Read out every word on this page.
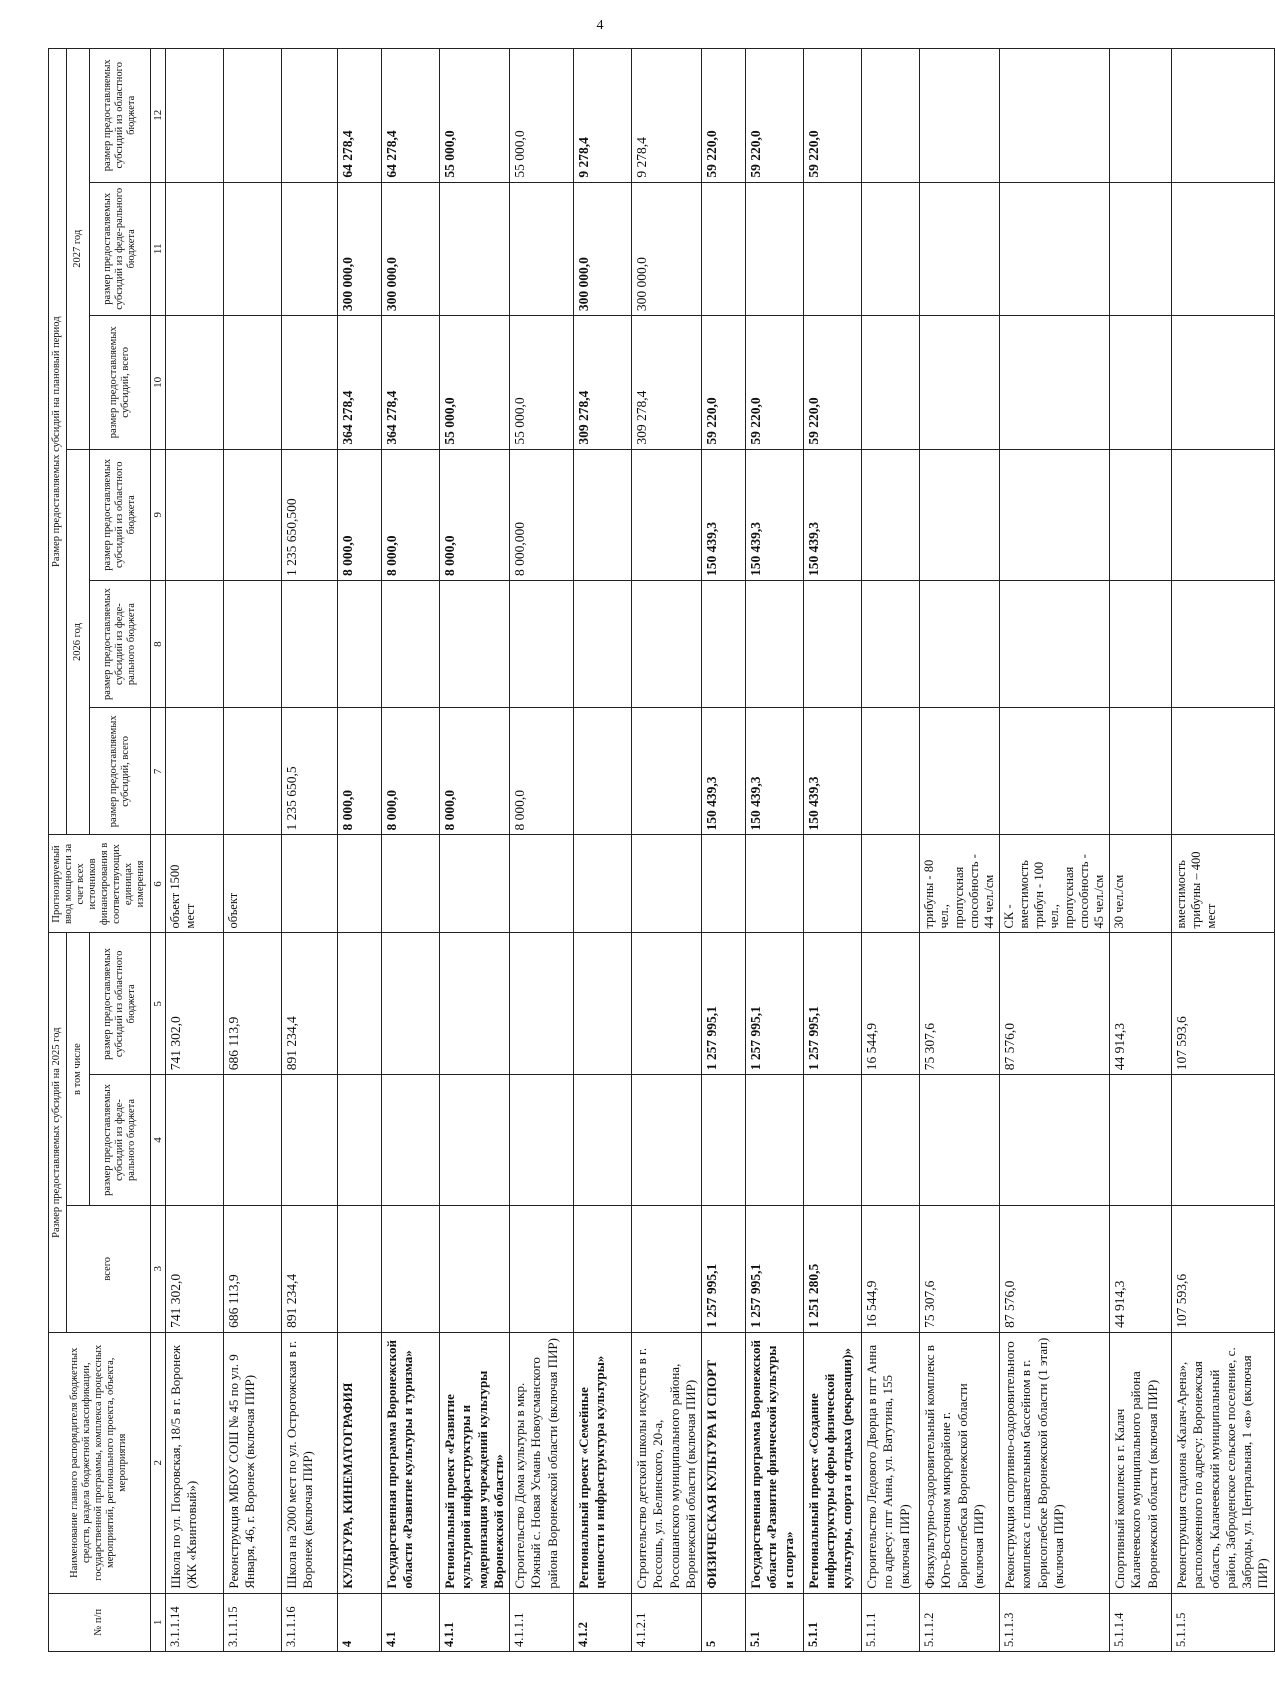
4
№ п/п	Наименование главного распорядителя бюджетных средств, раздела бюджетной классификации, государственной программы, комплекса процессных мероприятий, регионального проекта, объекта, мероприятия	Размер предоставляемых субсидий на 2025 год			Прогнозируемый ввод мощности за счет всех источников финансирования в соответствующих единицах измерения	Размер предоставляемых субсидий на плановый период					
		всего	в том числе			2026 год			2027 год		
			размер предоставляемых субсидий из феде-рального бюджета	размер предоставляемых субсидий из областного бюджета		размер предоставляемых субсидий, всего	размер предоставляемых субсидий из феде-рального бюджета	размер предоставляемых субсидий из областного бюджета	размер предоставляемых субсидий, всего	размер предоставляемых субсидий из феде-рального бюджета	размер предоставляемых субсидий из областного бюджета

1	2	3	4	5	6	7	8	9	10	11	12
3.1.1.14	Школа по ул. Покровская, 18/5 в г. Воронеж (ЖК «Квинтовый»)	741 302,0		741 302,0	объект 1500 мест						
3.1.1.15	Реконструкция МБОУ СОШ № 45 по ул. 9 Января, 46, г. Воронеж (включая ПИР)	686 113,9		686 113,9	объект						
3.1.1.16	Школа на 2000 мест по ул. Острогожская в г. Воронеж (включая ПИР)	891 234,4		891 234,4		1 235 650,5		1 235 650,500			
4	КУЛЬТУРА, КИНЕМАТОГРАФИЯ					8 000,0		8 000,0	364 278,4	300 000,0	64 278,4
4.1	Государственная программа Воронежской области «Развитие культуры и туризма»					8 000,0		8 000,0	364 278,4	300 000,0	64 278,4
4.1.1	Региональный проект «Развитие культурной инфраструктуры и модернизация учреждений культуры Воронежской области»					8 000,0		8 000,0	55 000,0		55 000,0
4.1.1.1	Строительство Дома культуры в мкр. Южный с. Новая Усмань Новоусманского района Воронежской области (включая ПИР)					8 000,0		8 000,000	55 000,0		55 000,0
4.1.2	Региональный проект «Семейные ценности и инфраструктура культуры»								309 278,4	300 000,0	9 278,4
4.1.2.1	Строительство детской школы искусств в г. Россошь, ул. Белинского, 20-а, Россошанского муниципального района, Воронежской области (включая ПИР)								309 278,4	300 000,0	9 278,4
5	ФИЗИЧЕСКАЯ КУЛЬТУРА И СПОРТ	1 257 995,1		1 257 995,1		150 439,3		150 439,3	59 220,0		59 220,0
5.1	Государственная программа Воронежской области «Развитие физической культуры и спорта»	1 257 995,1		1 257 995,1		150 439,3		150 439,3	59 220,0		59 220,0
5.1.1	Региональный проект «Создание инфраструктуры сферы физической культуры, спорта и отдыха (рекреации)»	1 251 280,5		1 257 995,1		150 439,3		150 439,3	59 220,0		59 220,0
5.1.1.1	Строительство Ледового Дворца в пгт Анна по адресу: пгт Анна, ул. Ватутина, 155 (включая ПИР)	16 544,9		16 544,9							
5.1.1.2	Физкультурно-оздоровительный комплекс в Юго-Восточном микрорайоне г. Борисоглебска Воронежской области (включая ПИР)	75 307,6		75 307,6	трибуны - 80 чел., пропускная способность - 44 чел./см						
5.1.1.3	Реконструкция спортивно-оздоровительного комплекса с плавательным бассейном в г. Борисоглебске Воронежской области (1 этап) (включая ПИР)	87 576,0		87 576,0	СК - вместимость трибун - 100 чел., пропускная способность - 45 чел./см						
5.1.1.4	Спортивный комплекс в г. Калач Калачеевского муниципального района Воронежской области (включая ПИР)	44 914,3		44 914,3	30 чел./см						
5.1.1.5	Реконструкция стадиона «Калач-Арена», расположенного по адресу: Воронежская область, Калачеевский муниципальный район, Заброденское сельское поселение, с. Заброды, ул. Центральная, 1 «в» (включая ПИР)	107 593,6		107 593,6	вместимость трибуны – 400 мест						
